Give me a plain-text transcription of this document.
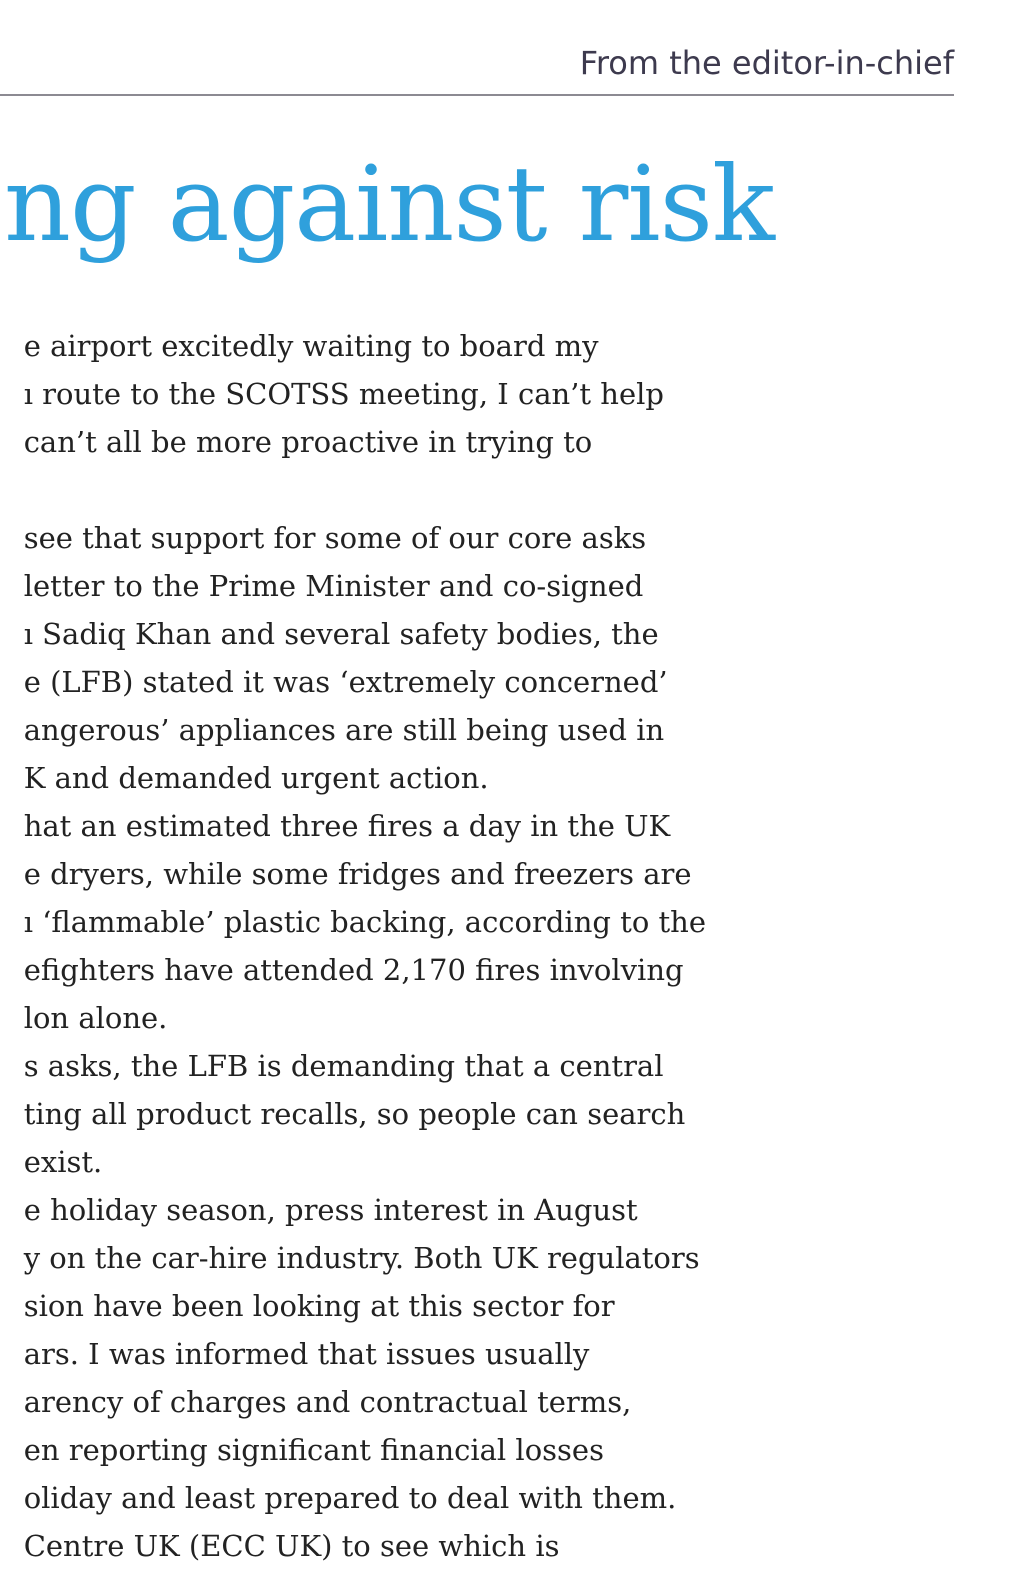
From the editor-in-chief
ng against risk
e airport excitedly waiting to board my
ı route to the SCOTSS meeting, I can’t help
can’t all be more proactive in trying to
see that support for some of our core asks
letter to the Prime Minister and co-signed
ı Sadiq Khan and several safety bodies, the
e (LFB) stated it was ‘extremely concerned’
angerous’ appliances are still being used in
K and demanded urgent action.
hat an estimated three fires a day in the UK
e dryers, while some fridges and freezers are
ı ‘flammable’ plastic backing, according to the
efighters have attended 2,170 fires involving
lon alone.
s asks, the LFB is demanding that a central
ting all product recalls, so people can search
exist.
e holiday season, press interest in August
y on the car-hire industry. Both UK regulators
sion have been looking at this sector for
ars. I was informed that issues usually
arency of charges and contractual terms,
en reporting significant financial losses
oliday and least prepared to deal with them.
Centre UK (ECC UK) to see which is
